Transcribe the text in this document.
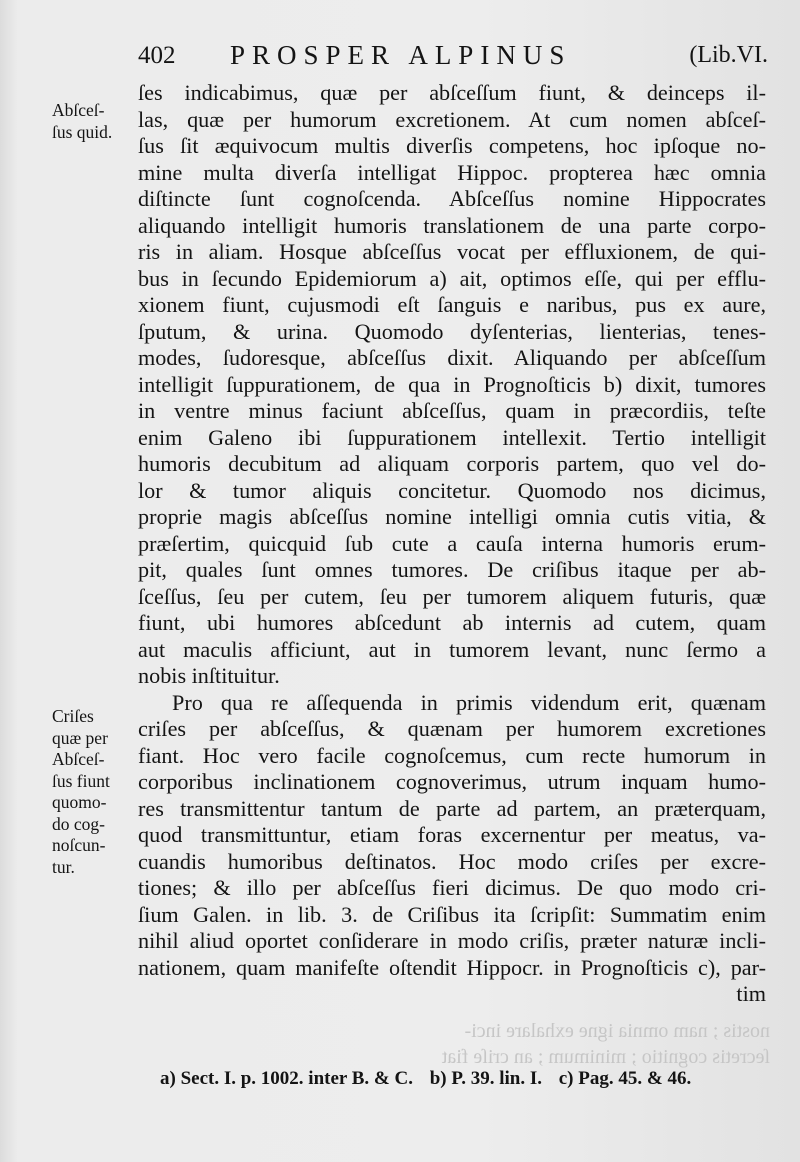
402 PROSPER ALPINUS	(Lib.VI.
Abſceſ-
ſus quid.
Criſes
quæ per
Abſceſ-
ſus fiunt
quomo-
do cog-
noſcun-
tur.
ſes indicabimus, quæ per abſceſſum fiunt, & deinceps il-
las, quæ per humorum excretionem. At cum nomen abſceſ-
ſus ſit æquivocum multis diverſis competens, hoc ipſoque no-
mine multa diverſa intelligat Hippoc. propterea hæc omnia
diſtincte ſunt cognoſcenda. Abſceſſus nomine Hippocrates
aliquando intelligit humoris translationem de una parte corpo-
ris in aliam. Hosque abſceſſus vocat per effluxionem, de qui-
bus in ſecundo Epidemiorum a) ait, optimos eſſe, qui per efflu-
xionem fiunt, cujusmodi eſt ſanguis e naribus, pus ex aure,
ſputum, & urina. Quomodo dyſenterias, lienterias, tenes-
modes, ſudoresque, abſceſſus dixit. Aliquando per abſceſſum
intelligit ſuppurationem, de qua in Prognoſticis b) dixit, tumores
in ventre minus faciunt abſceſſus, quam in præcordiis, teſte
enim Galeno ibi ſuppurationem intellexit. Tertio intelligit
humoris decubitum ad aliquam corporis partem, quo vel do-
lor & tumor aliquis concitetur. Quomodo nos dicimus,
proprie magis abſceſſus nomine intelligi omnia cutis vitia, &
præſertim, quicquid ſub cute a cauſa interna humoris erum-
pit, quales ſunt omnes tumores. De criſibus itaque per ab-
ſceſſus, ſeu per cutem, ſeu per tumorem aliquem futuris, quæ
fiunt, ubi humores abſcedunt ab internis ad cutem, quam
aut maculis afficiunt, aut in tumorem levant, nunc ſermo a
nobis inſtituitur.
Pro qua re aſſequenda in primis videndum erit, quænam
criſes per abſceſſus, & quænam per humorem excretiones
fiant. Hoc vero facile cognoſcemus, cum recte humorum in
corporibus inclinationem cognoverimus, utrum inquam humo-
res transmittentur tantum de parte ad partem, an præterquam,
quod transmittuntur, etiam foras excernentur per meatus, va-
cuandis humoribus deſtinatos. Hoc modo criſes per excre-
tiones; & illo per abſceſſus fieri dicimus. De quo modo cri-
ſium Galen. in lib. 3. de Criſibus ita ſcripſit: Summatim enim
nihil aliud oportet conſiderare in modo criſis, præter naturæ incli-
nationem, quam manifeſte oſtendit Hippocr. in Prognoſticis c), par-
tim
nostis ; nam omnia igne exhalare inci-
ſecretis cognitio ; minimum ; an criſe fiat
a) Sect. I. p. 1002. inter B. & C. b) P. 39. lin. I. c) Pag. 45. & 46.
